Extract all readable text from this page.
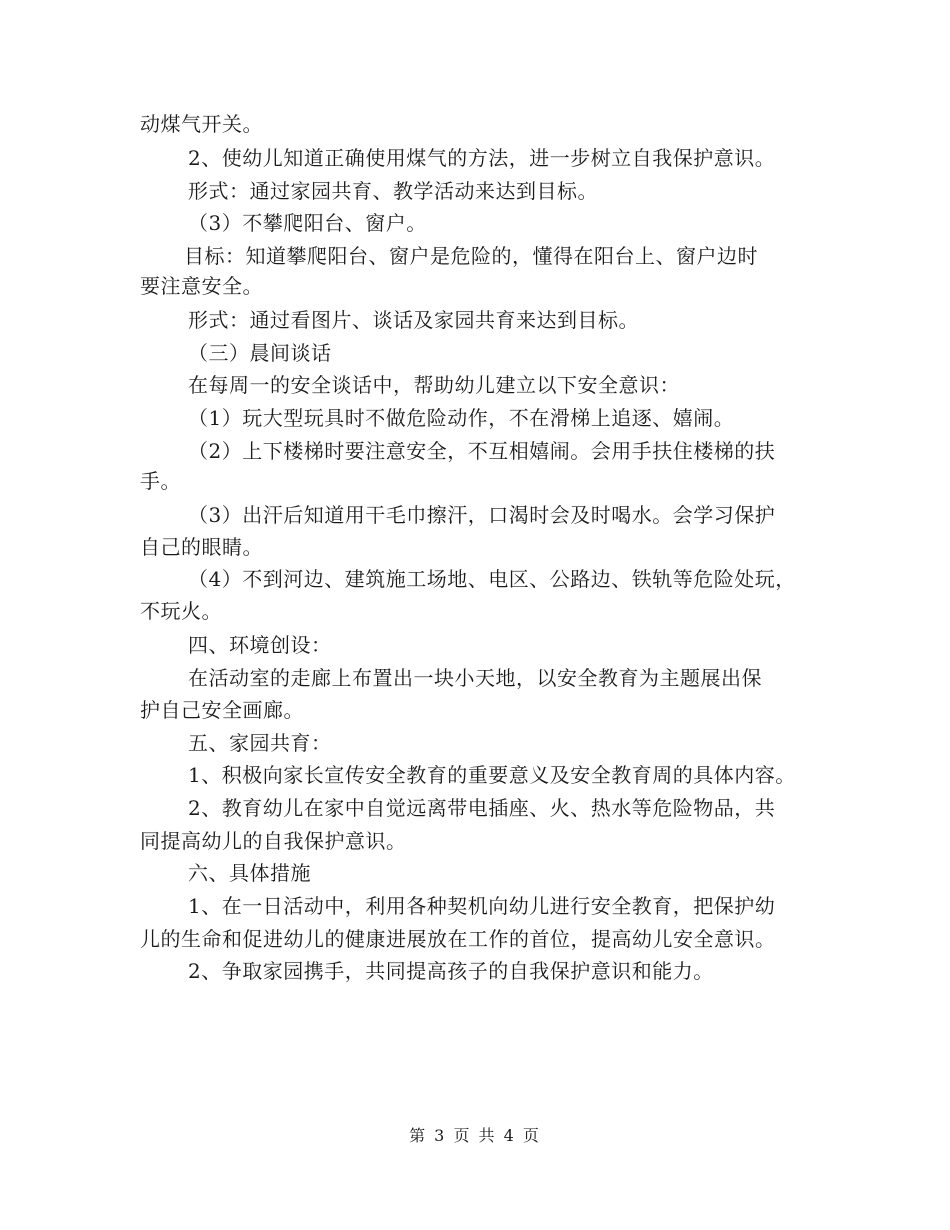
动煤气开关。
2、使幼儿知道正确使用煤气的方法，进一步树立自我保护意识。
形式：通过家园共育、教学活动来达到目标。
（3）不攀爬阳台、窗户。
目标：知道攀爬阳台、窗户是危险的，懂得在阳台上、窗户边时
要注意安全。
形式：通过看图片、谈话及家园共育来达到目标。
（三）晨间谈话
在每周一的安全谈话中，帮助幼儿建立以下安全意识：
（1）玩大型玩具时不做危险动作，不在滑梯上追逐、嬉闹。
（2）上下楼梯时要注意安全，不互相嬉闹。会用手扶住楼梯的扶
手。
（3）出汗后知道用干毛巾擦汗，口渴时会及时喝水。会学习保护
自己的眼睛。
（4）不到河边、建筑施工场地、电区、公路边、铁轨等危险处玩，
不玩火。
四、环境创设：
在活动室的走廊上布置出一块小天地，以安全教育为主题展出保
护自己安全画廊。
五、家园共育：
1、积极向家长宣传安全教育的重要意义及安全教育周的具体内容。
2、教育幼儿在家中自觉远离带电插座、火、热水等危险物品，共
同提高幼儿的自我保护意识。
六、具体措施
1、在一日活动中，利用各种契机向幼儿进行安全教育，把保护幼
儿的生命和促进幼儿的健康进展放在工作的首位，提高幼儿安全意识。
2、争取家园携手，共同提高孩子的自我保护意识和能力。
第 3 页 共 4 页
